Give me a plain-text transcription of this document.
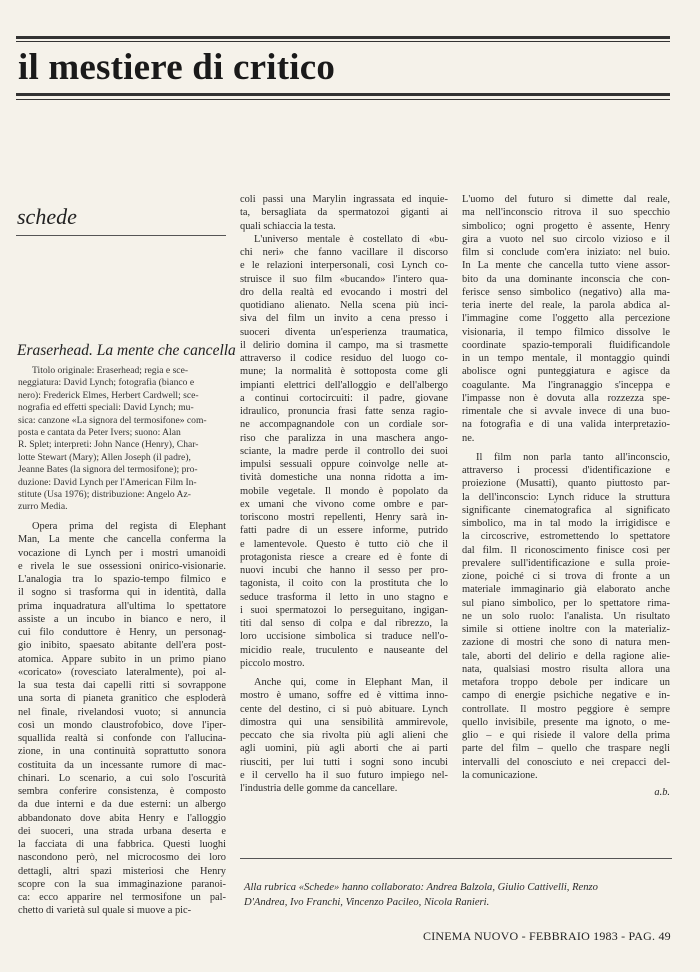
il mestiere di critico
schede
Eraserhead. La mente che cancella
Titolo originale: Eraserhead; regia e sce-
neggiatura: David Lynch; fotografia (bianco e
nero): Frederick Elmes, Herbert Cardwell; sce-
nografia ed effetti speciali: David Lynch; mu-
sica: canzone «La signora del termosifone» com-
posta e cantata da Peter Ivers; suono: Alan
R. Splet; interpreti: John Nance (Henry), Char-
lotte Stewart (Mary); Allen Joseph (il padre),
Jeanne Bates (la signora del termosifone); pro-
duzione: David Lynch per l'American Film In-
stitute (Usa 1976); distribuzione: Angelo Az-
zurro Media.
Opera prima del regista di Elephant
Man, La mente che cancella conferma la
vocazione di Lynch per i mostri umanoidi
e rivela le sue ossessioni onirico-visionarie.
L'analogia tra lo spazio-tempo filmico e
il sogno si trasforma qui in identità, dalla
prima inquadratura all'ultima lo spettatore
assiste a un incubo in bianco e nero, il
cui filo conduttore è Henry, un personag-
gio inibito, spaesato abitante dell'era post-
atomica. Appare subito in un primo piano
«coricato» (rovesciato lateralmente), poi al-
la sua testa dai capelli ritti si sovrappone
una sorta di pianeta granitico che esploderà
nel finale, rivelandosi vuoto; si annuncia
così un mondo claustrofobico, dove l'iper-
squallida realtà si confonde con l'allucina-
zione, in una continuità soprattutto sonora
costituita da un incessante rumore di mac-
chinari. Lo scenario, a cui solo l'oscurità
sembra conferire consistenza, è composto
da due interni e da due esterni: un albergo
abbandonato dove abita Henry e l'alloggio
dei suoceri, una strada urbana deserta e
la facciata di una fabbrica. Questi luoghi
nascondono però, nel microcosmo dei loro
dettagli, altri spazi misteriosi che Henry
scopre con la sua immaginazione paranoi-
ca: ecco apparire nel termosifone un pal-
chetto di varietà sul quale si muove a pic-
coli passi una Marylin ingrassata ed inquie-
ta, bersagliata da spermatozoi giganti ai
quali schiaccia la testa.
L'universo mentale è costellato di «bu-
chi neri» che fanno vacillare il discorso
e le relazioni interpersonali, così Lynch co-
struisce il suo film «bucando» l'intero qua-
dro della realtà ed evocando i mostri del
quotidiano alienato. Nella scena più inci-
siva del film un invito a cena presso i
suoceri diventa un'esperienza traumatica,
il delirio domina il campo, ma si trasmette
attraverso il codice residuo del luogo co-
mune; la normalità è sottoposta come gli
impianti elettrici dell'alloggio e dell'albergo
a continui cortocircuiti: il padre, giovane
idraulico, pronuncia frasi fatte senza ragio-
ne accompagnandole con un cordiale sor-
riso che paralizza in una maschera ango-
sciante, la madre perde il controllo dei suoi
impulsi sessuali oppure coinvolge nelle at-
tività domestiche una nonna ridotta a im-
mobile vegetale. Il mondo è popolato da
ex umani che vivono come ombre e par-
toriscono mostri repellenti, Henry sarà in-
fatti padre di un essere informe, putrido
e lamentevole. Questo è tutto ciò che il
protagonista riesce a creare ed è fonte di
nuovi incubi che hanno il sesso per pro-
tagonista, il coito con la prostituta che lo
seduce trasforma il letto in uno stagno e
i suoi spermatozoi lo perseguitano, ingigan-
titi dal senso di colpa e dal ribrezzo, la
loro uccisione simbolica si traduce nell'o-
micidio reale, truculento e nauseante del
piccolo mostro.
Anche qui, come in Elephant Man, il
mostro è umano, soffre ed è vittima inno-
cente del destino, ci si può abituare. Lynch
dimostra qui una sensibilità ammirevole,
peccato che sia rivolta più agli alieni che
agli uomini, più agli aborti che ai parti
riusciti, per lui tutti i sogni sono incubi
e il cervello ha il suo futuro impiego nel-
l'industria delle gomme da cancellare.
L'uomo del futuro si dimette dal reale,
ma nell'inconscio ritrova il suo specchio
simbolico; ogni progetto è assente, Henry
gira a vuoto nel suo circolo vizioso e il
film si conclude com'era iniziato: nel buio.
In La mente che cancella tutto viene assor-
bito da una dominante inconscia che con-
ferisce senso simbolico (negativo) alla ma-
teria inerte del reale, la parola abdica al-
l'immagine come l'oggetto alla percezione
visionaria, il tempo filmico dissolve le
coordinate spazio-temporali fluidificandole
in un tempo mentale, il montaggio quindi
abolisce ogni punteggiatura e agisce da
coagulante. Ma l'ingranaggio s'inceppa e
l'impasse non è dovuta alla rozzezza spe-
rimentale che si avvale invece di una buo-
na fotografia e di una valida interpretazio-
ne.
Il film non parla tanto all'inconscio,
attraverso i processi d'identificazione e
proiezione (Musatti), quanto piuttosto par-
la dell'inconscio: Lynch riduce la struttura
significante cinematografica al significato
simbolico, ma in tal modo la irrigidisce e
la circoscrive, estromettendo lo spettatore
dal film. Il riconoscimento finisce così per
prevalere sull'identificazione e sulla proie-
zione, poiché ci si trova di fronte a un
materiale immaginario già elaborato anche
sul piano simbolico, per lo spettatore rima-
ne un solo ruolo: l'analista. Un risultato
simile si ottiene inoltre con la materializ-
zazione di mostri che sono di natura men-
tale, aborti del delirio e della ragione alie-
nata, qualsiasi mostro risulta allora una
metafora troppo debole per indicare un
campo di energie psichiche negative e in-
controllate. Il mostro peggiore è sempre
quello invisibile, presente ma ignoto, o me-
glio – e qui risiede il valore della prima
parte del film – quello che traspare negli
intervalli del conosciuto e nei crepacci del-
la comunicazione.
a.b.
Alla rubrica «Schede» hanno collaborato: Andrea Balzola, Giulio Cattivelli, Renzo
D'Andrea, Ivo Franchi, Vincenzo Pacileo, Nicola Ranieri.
CINEMA NUOVO - FEBBRAIO 1983 - PAG. 49
